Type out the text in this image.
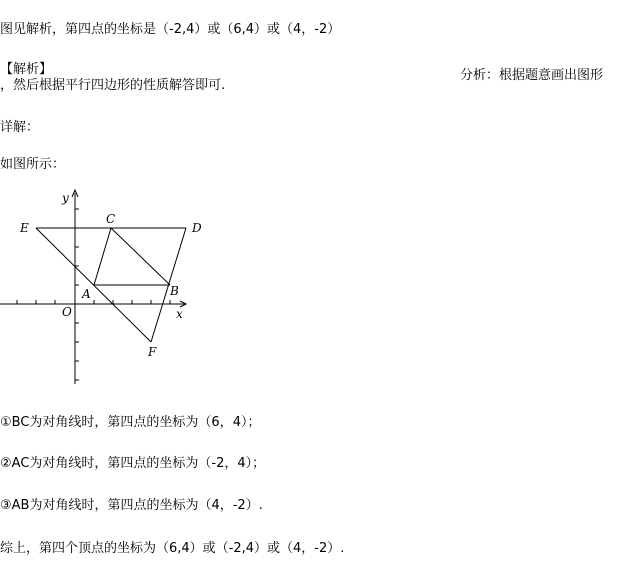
图见解析，第四点的坐标是（-2,4）或（6,4）或（4，-2）
【解析】	分析：根据题意画出图形
，然后根据平行四边形的性质解答即可.
详解：
如图所示：
y
E
C
D
A	B
O	x
F
①BC为对角线时，第四点的坐标为（6，4）；
②AC为对角线时，第四点的坐标为（-2，4）；
③AB为对角线时，第四点的坐标为（4，-2）.
综上，第四个顶点的坐标为（6,4）或（-2,4）或（4，-2）.
